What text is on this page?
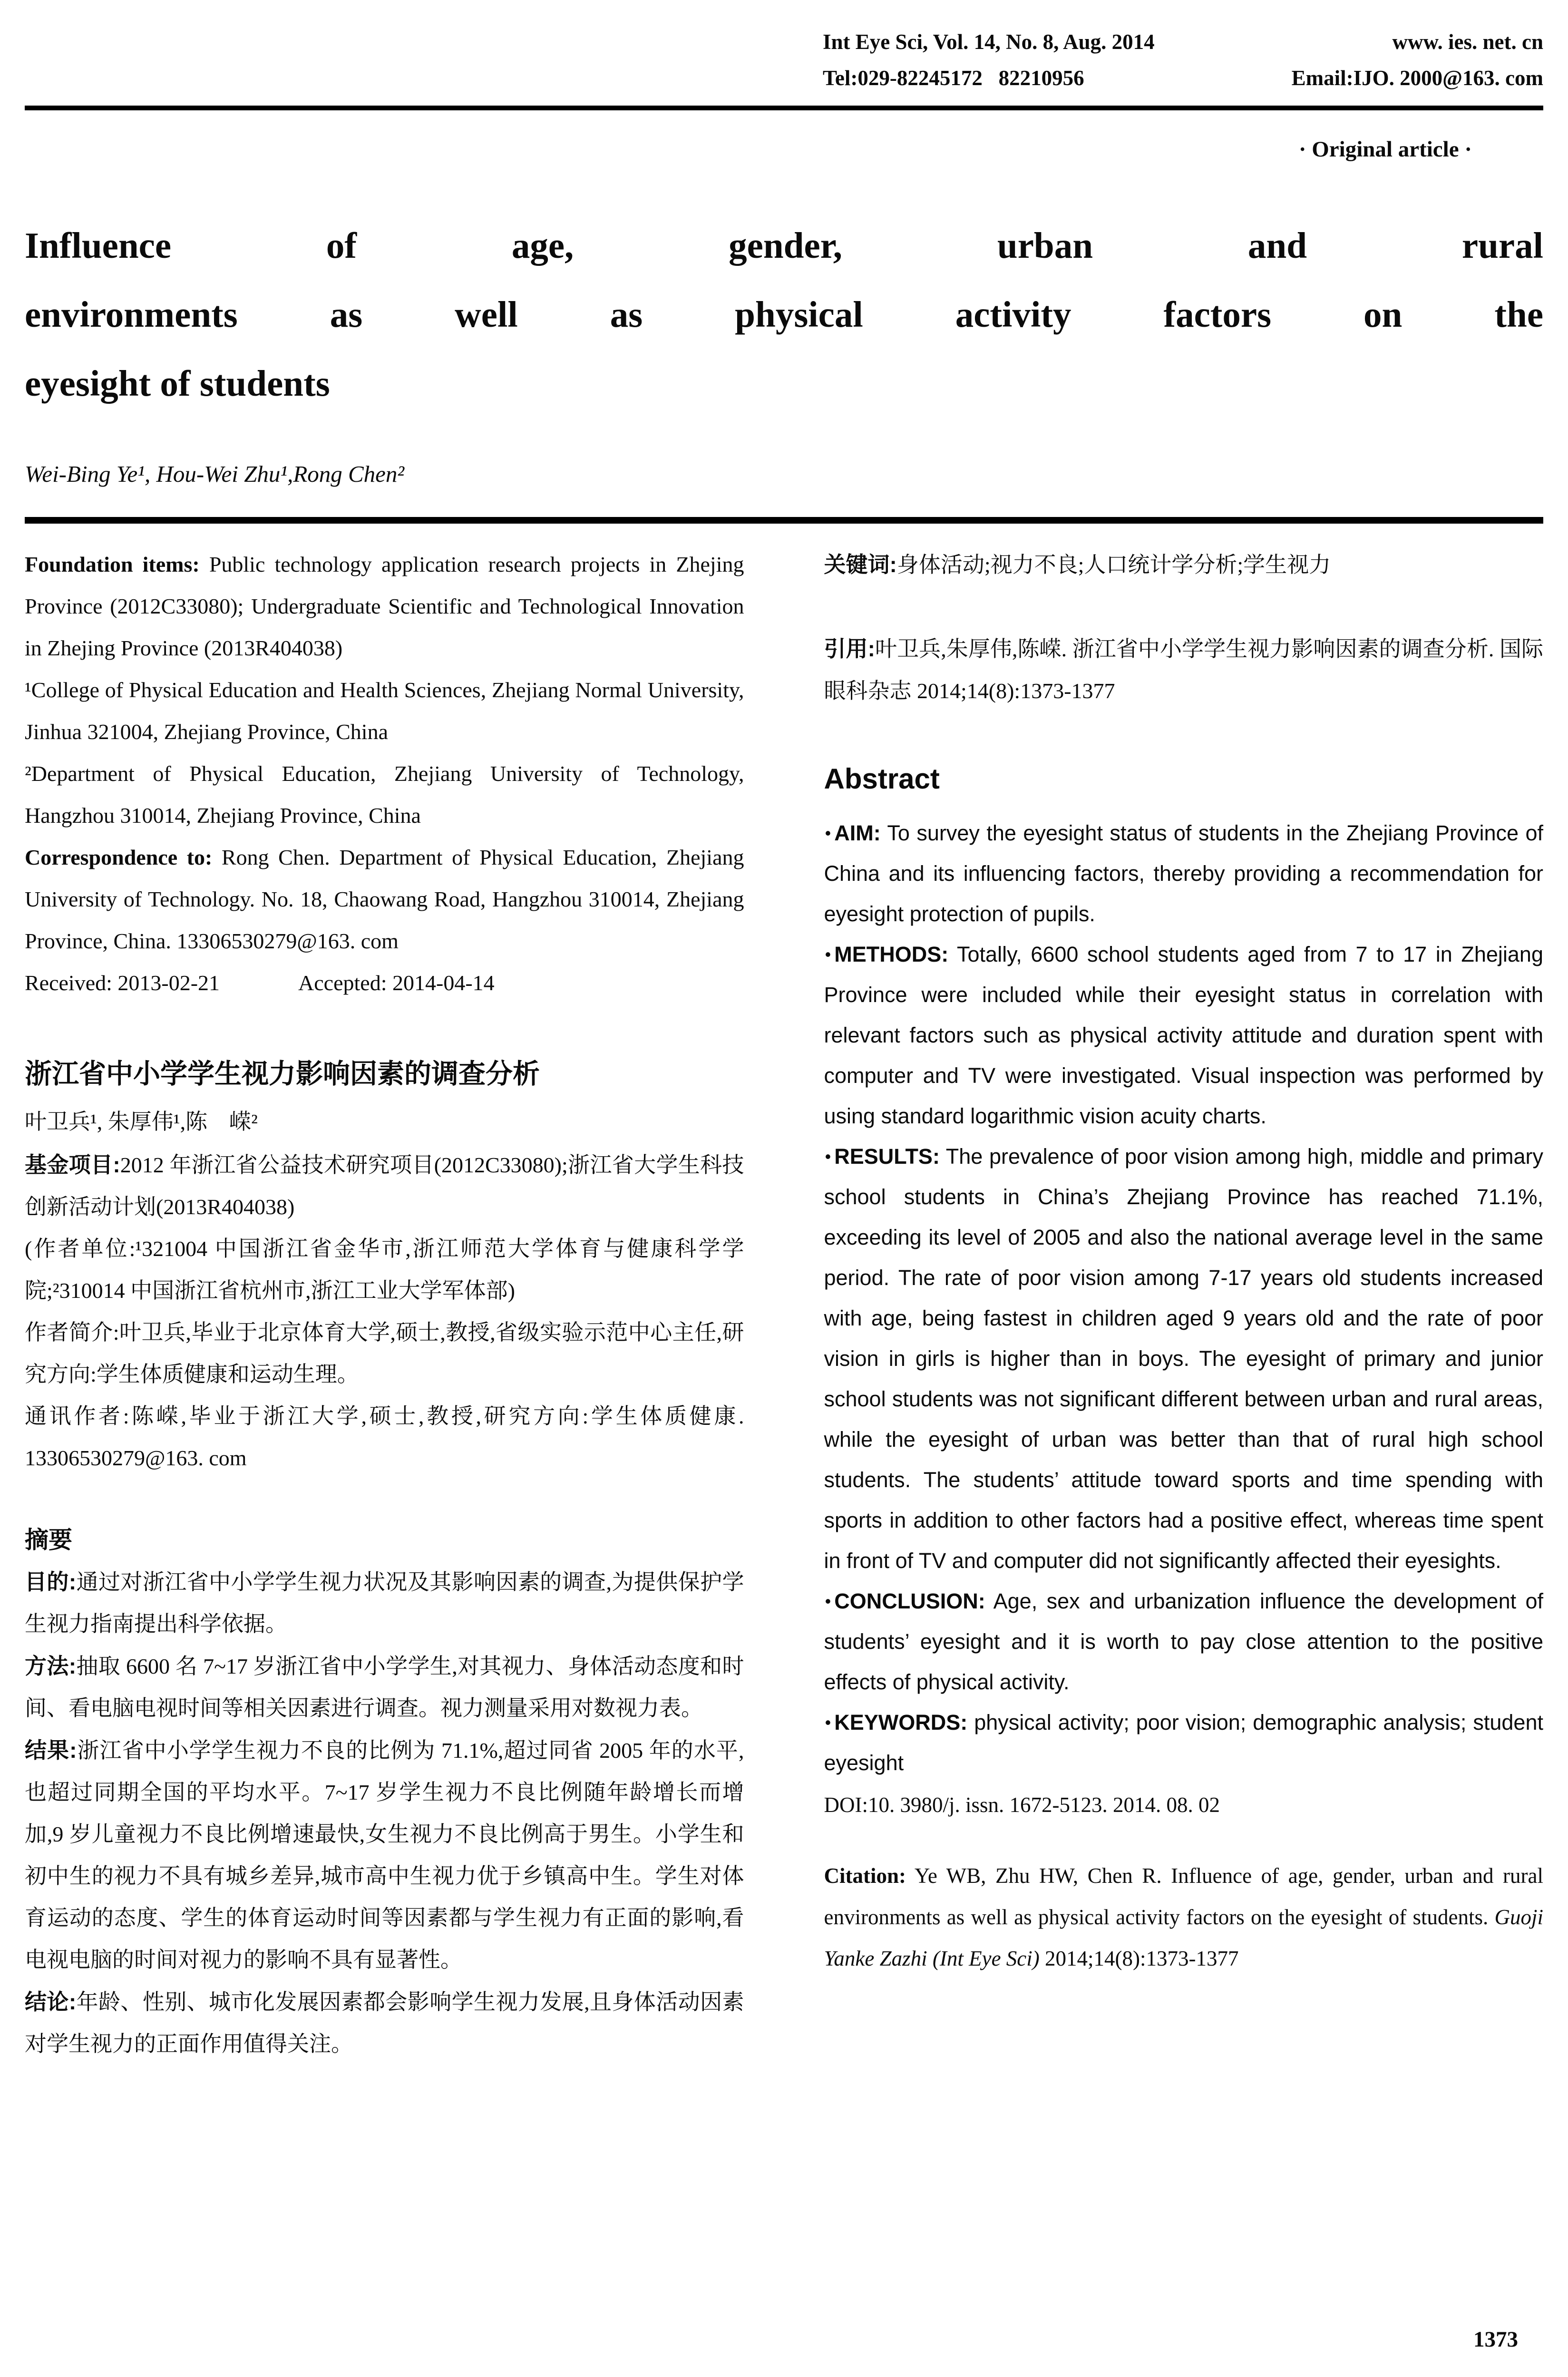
Int Eye Sci, Vol. 14, No. 8, Aug. 2014	www. ies. net. cn
Tel:029-82245172   82210956	Email:IJO. 2000@163. com
· Original article ·
Influence of age, gender, urban and rural
environments as well as physical activity factors on the
eyesight of students
Wei-Bing Ye¹, Hou-Wei Zhu¹,Rong Chen²

Foundation items: Public technology application research projects in Zhejing Province (2012C33080); Undergraduate Scientific and Technological Innovation in Zhejing Province (2013R404038)

¹College of Physical Education and Health Sciences, Zhejiang Normal University, Jinhua 321004, Zhejiang Province, China

²Department of Physical Education, Zhejiang University of Technology, Hangzhou 310014, Zhejiang Province, China

Correspondence to: Rong Chen. Department of Physical Education, Zhejiang University of Technology. No. 18, Chaowang Road, Hangzhou 310014, Zhejiang Province, China. 13306530279@163. com

Received: 2013-02-21	Accepted: 2014-04-14
浙江省中小学学生视力影响因素的调查分析
叶卫兵¹, 朱厚伟¹,陈　嵘²

基金项目:2012 年浙江省公益技术研究项目(2012C33080);浙江省大学生科技创新活动计划(2013R404038)

(作者单位:¹321004 中国浙江省金华市,浙江师范大学体育与健康科学学院;²310014 中国浙江省杭州市,浙江工业大学军体部)

作者简介:叶卫兵,毕业于北京体育大学,硕士,教授,省级实验示范中心主任,研究方向:学生体质健康和运动生理。

通讯作者:陈嵘,毕业于浙江大学,硕士,教授,研究方向:学生体质健康. 13306530279@163. com

摘要

目的:通过对浙江省中小学学生视力状况及其影响因素的调查,为提供保护学生视力指南提出科学依据。

方法:抽取 6600 名 7~17 岁浙江省中小学学生,对其视力、身体活动态度和时间、看电脑电视时间等相关因素进行调查。视力测量采用对数视力表。

结果:浙江省中小学学生视力不良的比例为 71.1%,超过同省 2005 年的水平,也超过同期全国的平均水平。7~17 岁学生视力不良比例随年龄增长而增加,9 岁儿童视力不良比例增速最快,女生视力不良比例高于男生。小学生和初中生的视力不具有城乡差异,城市高中生视力优于乡镇高中生。学生对体育运动的态度、学生的体育运动时间等因素都与学生视力有正面的影响,看电视电脑的时间对视力的影响不具有显著性。

结论:年龄、性别、城市化发展因素都会影响学生视力发展,且身体活动因素对学生视力的正面作用值得关注。

关键词:身体活动;视力不良;人口统计学分析;学生视力

引用:叶卫兵,朱厚伟,陈嵘. 浙江省中小学学生视力影响因素的调查分析. 国际眼科杂志 2014;14(8):1373-1377

Abstract

• AIM: To survey the eyesight status of students in the Zhejiang Province of China and its influencing factors, thereby providing a recommendation for eyesight protection of pupils.

• METHODS: Totally, 6600 school students aged from 7 to 17 in Zhejiang Province were included while their eyesight status in correlation with relevant factors such as physical activity attitude and duration spent with computer and TV were investigated. Visual inspection was performed by using standard logarithmic vision acuity charts.

• RESULTS: The prevalence of poor vision among high, middle and primary school students in China’s Zhejiang Province has reached 71.1%, exceeding its level of 2005 and also the national average level in the same period. The rate of poor vision among 7-17 years old students increased with age, being fastest in children aged 9 years old and the rate of poor vision in girls is higher than in boys. The eyesight of primary and junior school students was not significant different between urban and rural areas, while the eyesight of urban was better than that of rural high school students. The students’ attitude toward sports and time spending with sports in addition to other factors had a positive effect, whereas time spent in front of TV and computer did not significantly affected their eyesights.

• CONCLUSION: Age, sex and urbanization influence the development of students’ eyesight and it is worth to pay close attention to the positive effects of physical activity.

• KEYWORDS: physical activity; poor vision; demographic analysis; student eyesight

DOI:10. 3980/j. issn. 1672-5123. 2014. 08. 02

Citation: Ye WB, Zhu HW, Chen R. Influence of age, gender, urban and rural environments as well as physical activity factors on the eyesight of students. Guoji Yanke Zazhi (Int Eye Sci) 2014;14(8):1373-1377

1373
